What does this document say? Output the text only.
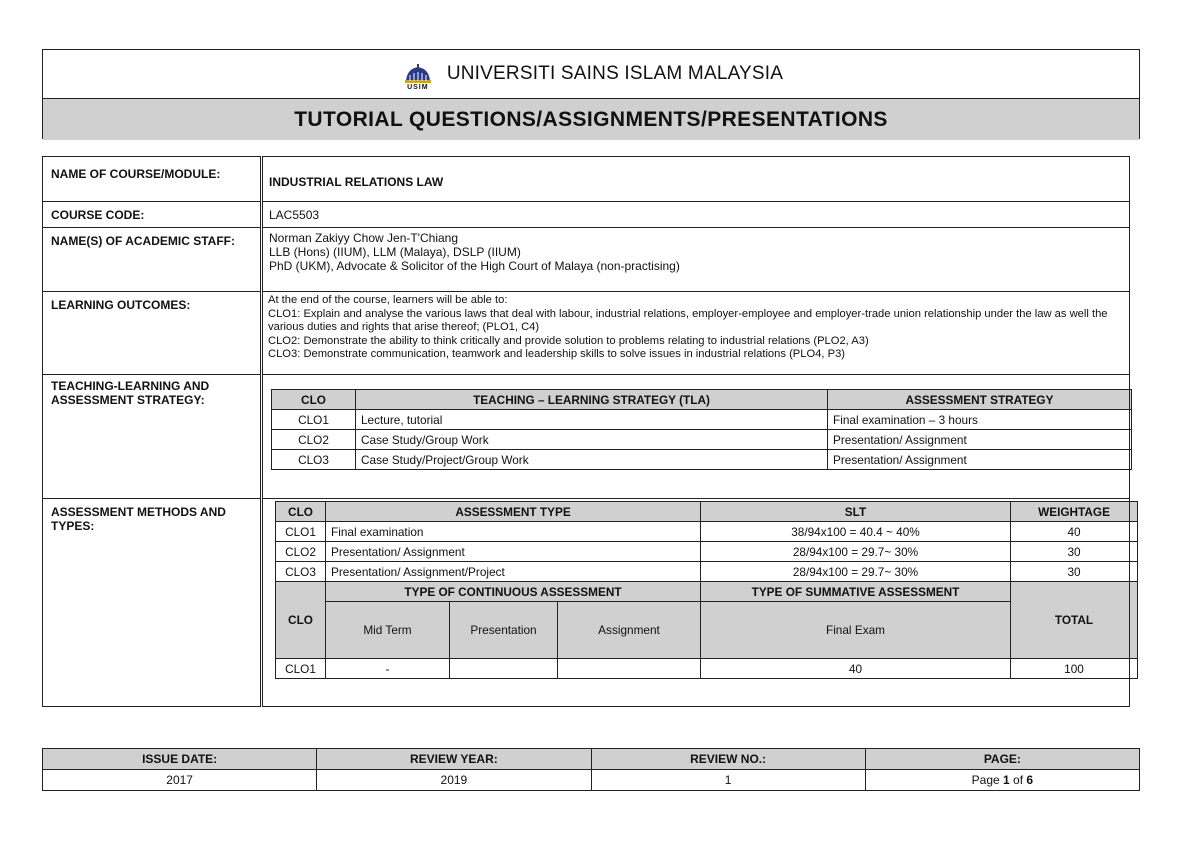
USIM
UNIVERSITI SAINS ISLAM MALAYSIA
TUTORIAL QUESTIONS/ASSIGNMENTS/PRESENTATIONS
NAME OF COURSE/MODULE:	INDUSTRIAL RELATIONS LAW
COURSE CODE:	LAC5503
NAME(S) OF ACADEMIC STAFF:	Norman Zakiyy Chow Jen-T'Chiang
LLB (Hons) (IIUM), LLM (Malaya), DSLP (IIUM)
PhD (UKM), Advocate & Solicitor of the High Court of Malaya (non-practising)

LEARNING OUTCOMES:	At the end of the course, learners will be able to:
CLO1: Explain and analyse the various laws that deal with labour, industrial relations, employer-employee and employer-trade union relationship under the law as well the various duties and rights that arise thereof; (PLO1, C4)
CLO2: Demonstrate the ability to think critically and provide solution to problems relating to industrial relations (PLO2, A3)
CLO3: Demonstrate communication, teamwork and leadership skills to solve issues in industrial relations (PLO4, P3)

TEACHING-LEARNING AND ASSESSMENT STRATEGY:		CLO	TEACHING – LEARNING STRATEGY (TLA)	ASSESSMENT STRATEGY
CLO1	Lecture, tutorial	Final examination – 3 hours
CLO2	Case Study/Group Work	Presentation/ Assignment
CLO3	Case Study/Project/Group Work	Presentation/ Assignment

ASSESSMENT METHODS AND TYPES:	
CLO	ASSESSMENT TYPE	SLT	WEIGHTAGE
CLO1	Final examination	38/94x100 = 40.4 ~ 40%	40
CLO2	Presentation/ Assignment	28/94x100 = 29.7~ 30%	30
CLO3	Presentation/ Assignment/Project	28/94x100 = 29.7~ 30%	30
CLO	TYPE OF CONTINUOUS ASSESSMENT	TYPE OF SUMMATIVE ASSESSMENT	TOTAL
Mid Term	Presentation	Assignment	Final Exam
CLO1	-			40	100
ISSUE DATE:	REVIEW YEAR:	REVIEW NO.:	PAGE:
2017	2019	1	Page 1 of 6
